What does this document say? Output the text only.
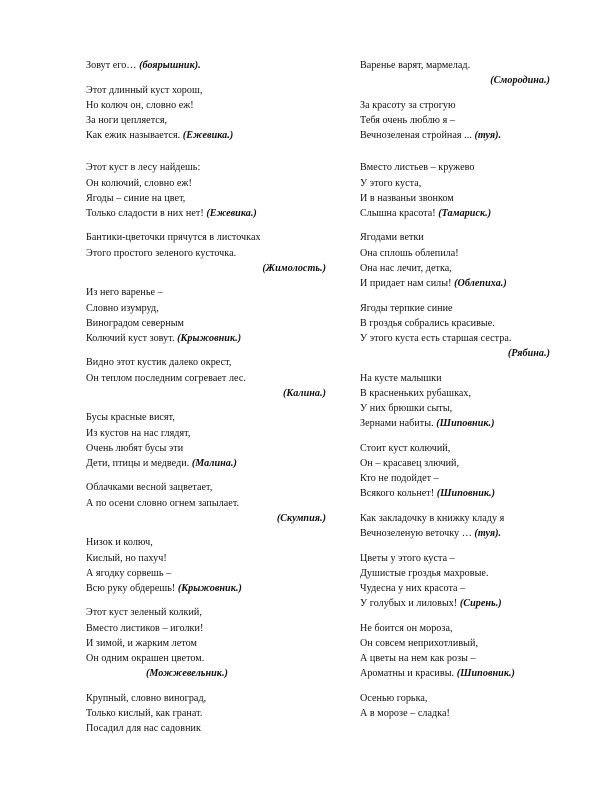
Зовут его… (боярышник).
Этот длинный куст хорош,
Но колюч он, словно еж!
За ноги цепляется,
Как ежик называется. (Ежевика.)
Этот куст в лесу найдешь:
Он колючий, словно еж!
Ягоды – синие на цвет,
Только сладости в них нет! (Ежевика.)
Бантики-цветочки прячутся в листочках
Этого простого зеленого кусточка.
(Жимолость.)
Из него варенье –
Словно изумруд,
Виноградом северным
Колючий куст зовут. (Крыжовник.)
Видно этот кустик далеко окрест,
Он теплом последним согревает лес.
(Калина.)
Бусы красные висят,
Из кустов на нас глядят,
Очень любят бусы эти
Дети, птицы и медведи. (Малина.)
Облачками весной зацветает,
А по осени словно огнем запылает.
(Скумпия.)
Низок и колюч,
Кислый, но пахуч!
А ягодку сорвешь –
Всю руку обдерешь! (Крыжовник.)
Этот куст зеленый колкий,
Вместо листиков – иголки!
И зимой, и жарким летом
Он одним окрашен цветом.
(Можжевельник.)
Крупный, словно виноград,
Только кислый, как гранат.
Посадил для нас садовник
Варенье варят, мармелад.
(Смородина.)
За красоту за строгую
Тебя очень люблю я –
Вечнозеленая стройная ... (туя).
Вместо листьев – кружево
У этого куста,
И в названьи звонком
Слышна красота! (Тамариск.)
Ягодами ветки
Она сплошь облепила!
Она нас лечит, детка,
И придает нам силы! (Облепиха.)
Ягоды терпкие синие
В гроздья собрались красивые.
У этого куста есть старшая сестра.
(Рябина.)
На кусте малышки
В красненьких рубашках,
У них брюшки сыты,
Зернами набиты. (Шиповник.)
Стоит куст колючий,
Он – красавец злючий,
Кто не подойдет –
Всякого кольнет! (Шиповник.)
Как закладочку в книжку кладу я
Вечнозеленую веточку … (туя).
Цветы у этого куста –
Душистые гроздья махровые.
Чудесна у них красота –
У голубых и лиловых! (Сирень.)
Не боится он мороза,
Он совсем неприхотливый,
А цветы на нем как розы –
Ароматны и красивы. (Шиповник.)
Осенью горька,
А в морозе – сладка!
